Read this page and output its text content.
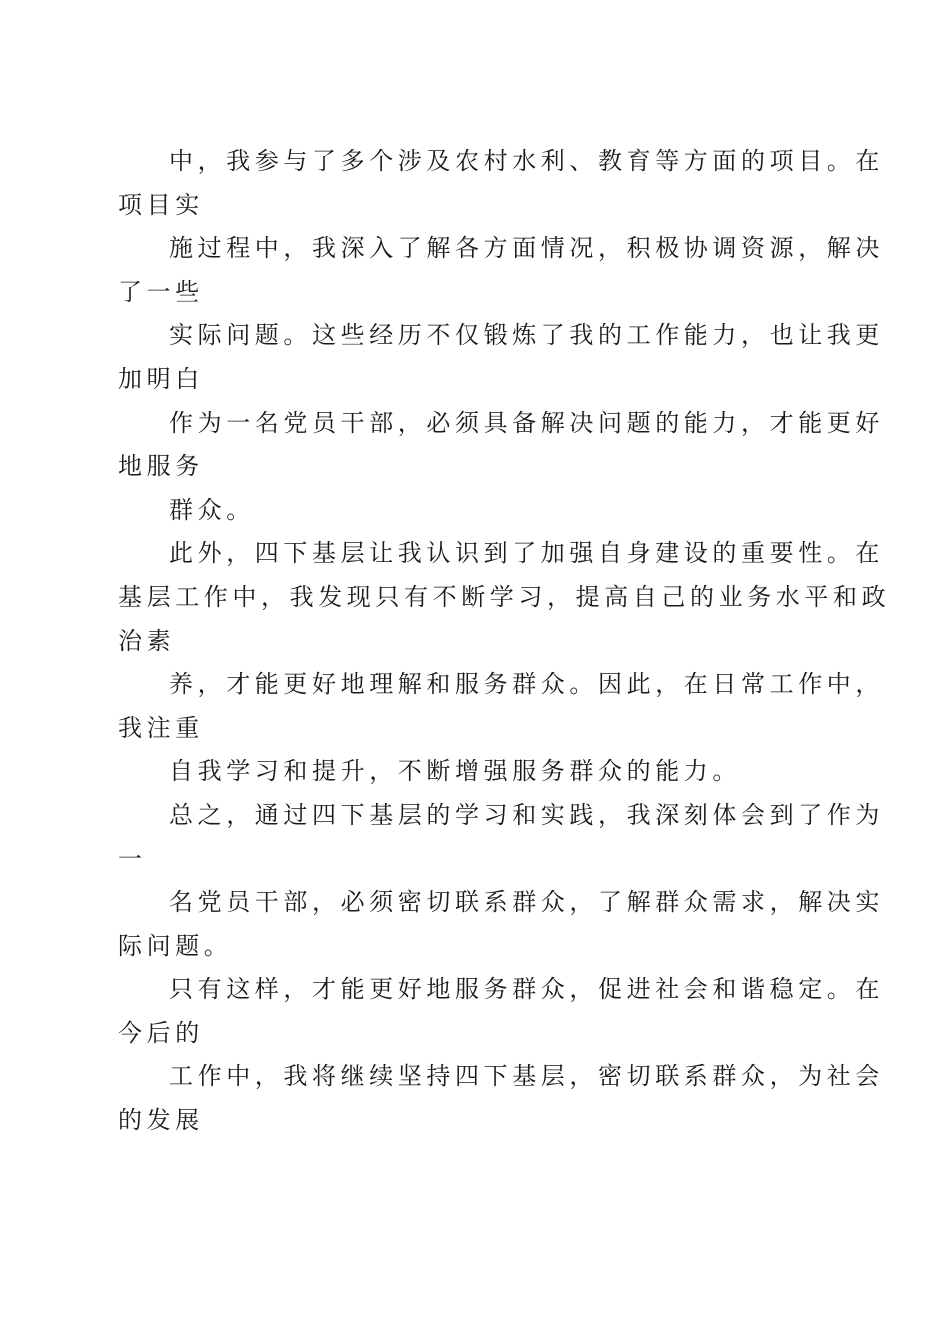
中，我参与了多个涉及农村水利、教育等方面的项目。在
项目实
施过程中，我深入了解各方面情况，积极协调资源，解决
了一些
实际问题。这些经历不仅锻炼了我的工作能力，也让我更
加明白
作为一名党员干部，必须具备解决问题的能力，才能更好
地服务
群众。
此外，四下基层让我认识到了加强自身建设的重要性。在
基层工作中，我发现只有不断学习，提高自己的业务水平和政
治素
养，才能更好地理解和服务群众。因此，在日常工作中，
我注重
自我学习和提升，不断增强服务群众的能力。
总之，通过四下基层的学习和实践，我深刻体会到了作为
一
名党员干部，必须密切联系群众，了解群众需求，解决实
际问题。
只有这样，才能更好地服务群众，促进社会和谐稳定。在
今后的
工作中，我将继续坚持四下基层，密切联系群众，为社会
的发展
